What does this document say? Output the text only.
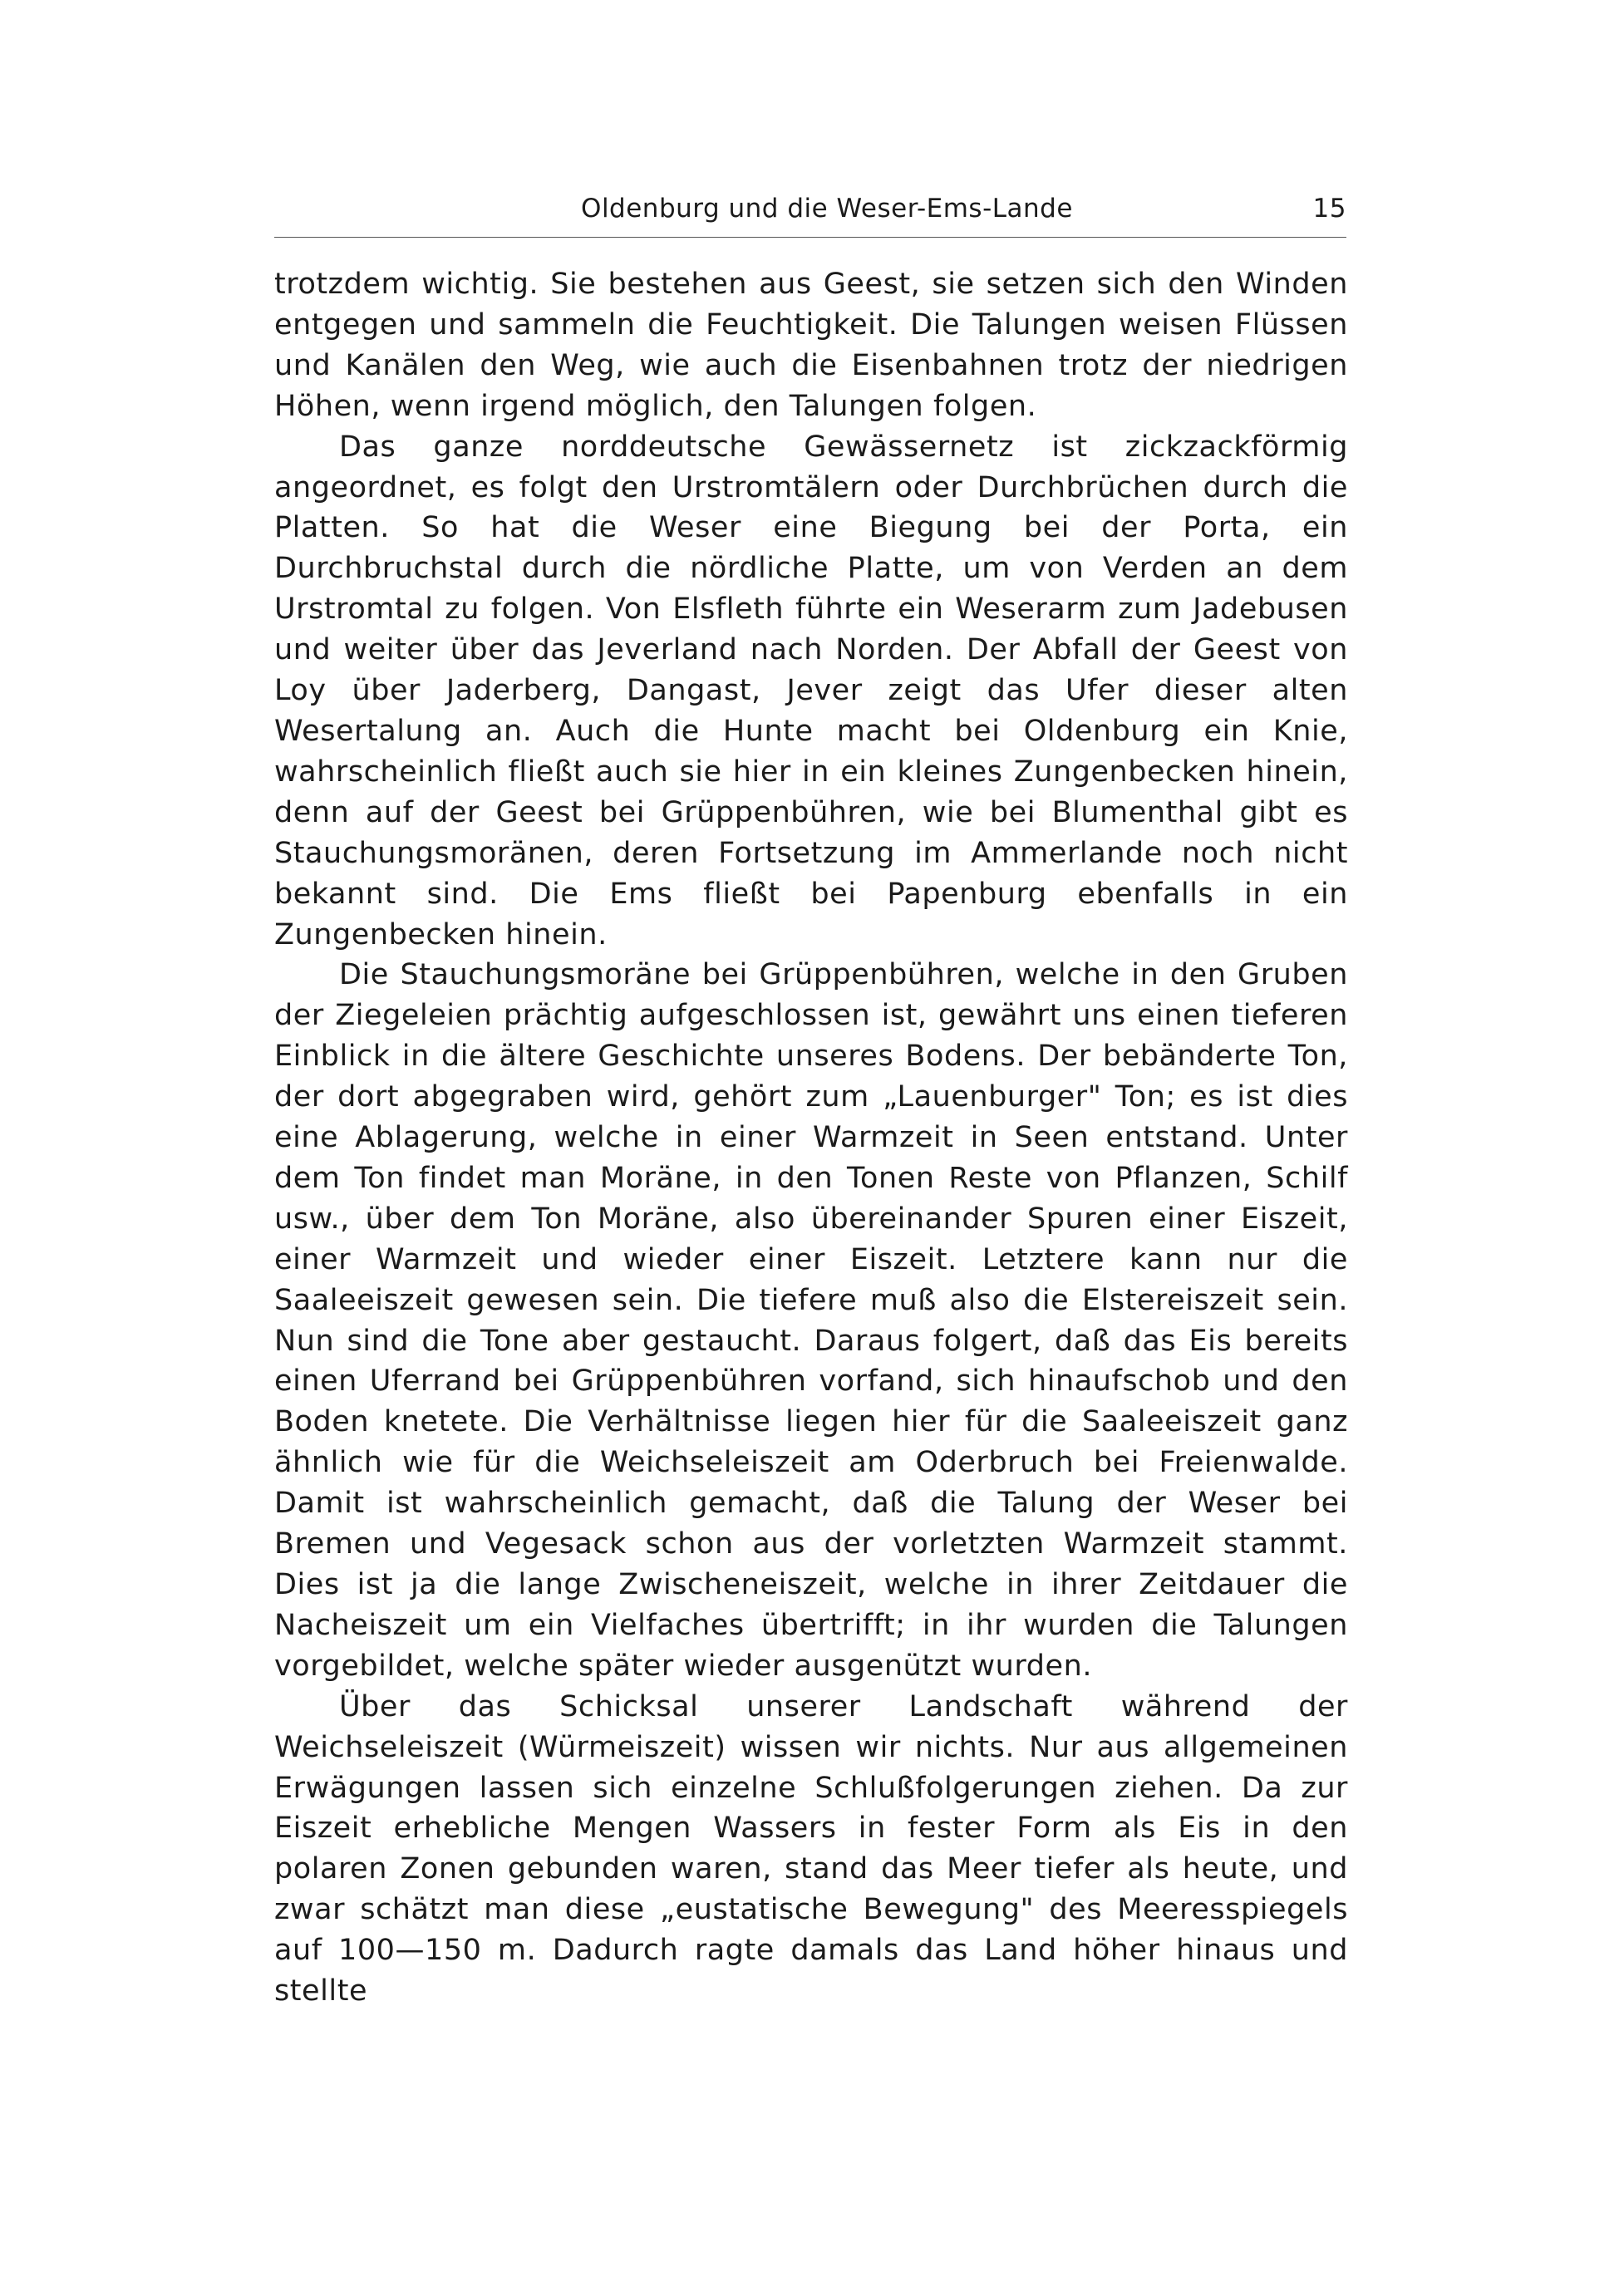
Oldenburg und die Weser-Ems-Lande	15

trotzdem wichtig. Sie bestehen aus Geest, sie setzen sich den Winden entgegen und sammeln die Feuchtigkeit. Die Talungen weisen Flüssen und Kanälen den Weg, wie auch die Eisenbahnen trotz der niedrigen Höhen, wenn irgend möglich, den Talungen folgen.

Das ganze norddeutsche Gewässernetz ist zickzackförmig angeordnet, es folgt den Urstromtälern oder Durchbrüchen durch die Platten. So hat die Weser eine Biegung bei der Porta, ein Durchbruchstal durch die nördliche Platte, um von Verden an dem Urstromtal zu folgen. Von Elsfleth führte ein Weserarm zum Jadebusen und weiter über das Jeverland nach Norden. Der Abfall der Geest von Loy über Jaderberg, Dangast, Jever zeigt das Ufer dieser alten Wesertalung an. Auch die Hunte macht bei Oldenburg ein Knie, wahrscheinlich fließt auch sie hier in ein kleines Zungenbecken hinein, denn auf der Geest bei Grüppenbühren, wie bei Blumenthal gibt es Stauchungsmoränen, deren Fortsetzung im Ammerlande noch nicht bekannt sind. Die Ems fließt bei Papenburg ebenfalls in ein Zungenbecken hinein.

Die Stauchungsmoräne bei Grüppenbühren, welche in den Gruben der Ziegeleien prächtig aufgeschlossen ist, gewährt uns einen tieferen Einblick in die ältere Geschichte unseres Bodens. Der bebänderte Ton, der dort abgegraben wird, gehört zum „Lauenburger" Ton; es ist dies eine Ablagerung, welche in einer Warmzeit in Seen entstand. Unter dem Ton findet man Moräne, in den Tonen Reste von Pflanzen, Schilf usw., über dem Ton Moräne, also übereinander Spuren einer Eiszeit, einer Warmzeit und wieder einer Eiszeit. Letztere kann nur die Saaleeiszeit gewesen sein. Die tiefere muß also die Elstereiszeit sein. Nun sind die Tone aber gestaucht. Daraus folgert, daß das Eis bereits einen Uferrand bei Grüppenbühren vorfand, sich hinaufschob und den Boden knetete. Die Verhältnisse liegen hier für die Saaleeiszeit ganz ähnlich wie für die Weichseleiszeit am Oderbruch bei Freienwalde. Damit ist wahrscheinlich gemacht, daß die Talung der Weser bei Bremen und Vegesack schon aus der vorletzten Warmzeit stammt. Dies ist ja die lange Zwischeneiszeit, welche in ihrer Zeitdauer die Nacheiszeit um ein Vielfaches übertrifft; in ihr wurden die Talungen vorgebildet, welche später wieder ausgenützt wurden.

Über das Schicksal unserer Landschaft während der Weichseleiszeit (Würmeiszeit) wissen wir nichts. Nur aus allgemeinen Erwägungen lassen sich einzelne Schlußfolgerungen ziehen. Da zur Eiszeit erhebliche Mengen Wassers in fester Form als Eis in den polaren Zonen gebunden waren, stand das Meer tiefer als heute, und zwar schätzt man diese „eustatische Bewegung" des Meeresspiegels auf 100—150 m. Dadurch ragte damals das Land höher hinaus und stellte
